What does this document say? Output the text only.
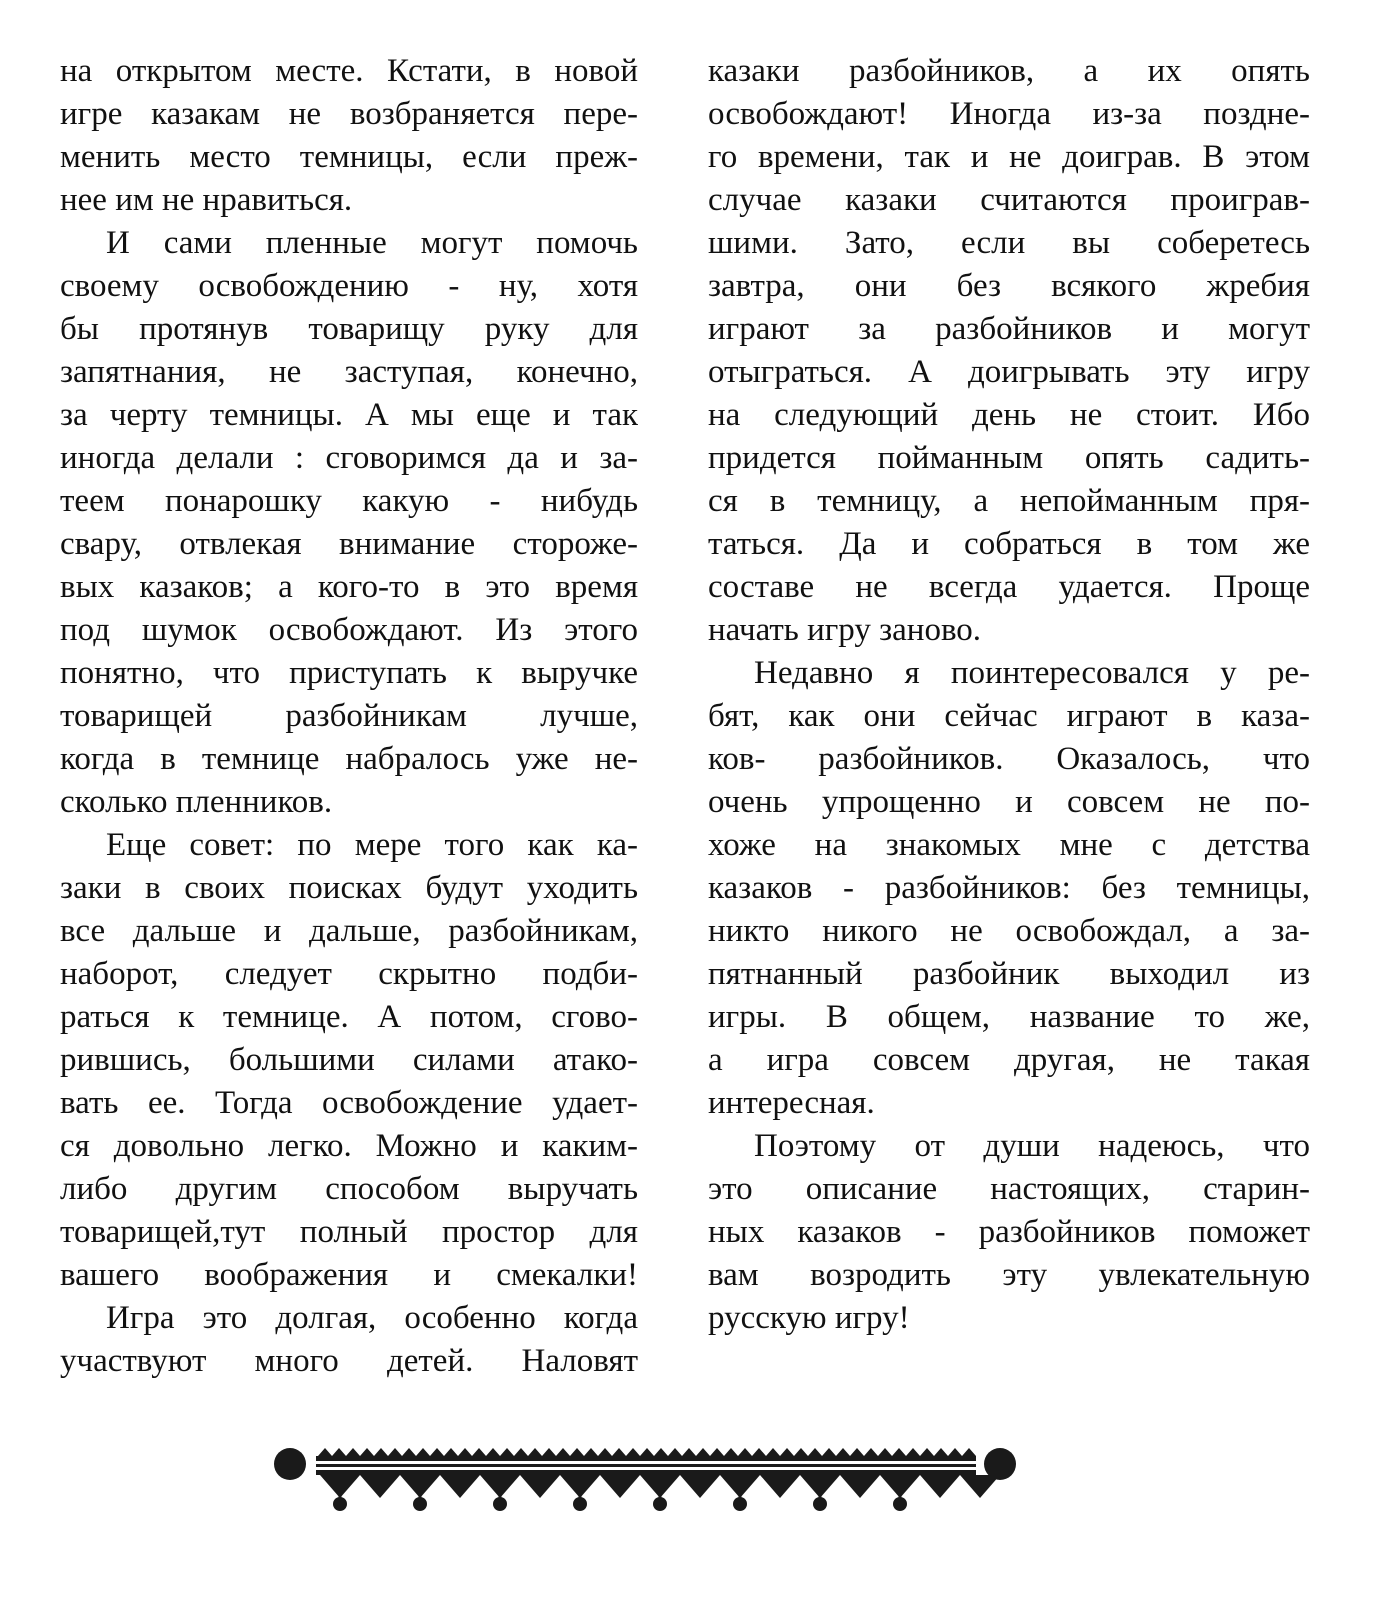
на открытом месте. Кстати, в новой
игре казакам не возбраняется пере-
менить место темницы, если преж-
нее им не нравиться.
И сами пленные могут помочь
своему освобождению - ну, хотя
бы протянув товарищу руку для
запятнания, не заступая, конечно,
за черту темницы. А мы еще и так
иногда делали : сговоримся да и за-
теем понарошку какую - нибудь
свару, отвлекая внимание стороже-
вых казаков; а кого-то в это время
под шумок освобождают. Из этого
понятно, что приступать к выручке
товарищей разбойникам лучше,
когда в темнице набралось уже не-
сколько пленников.
Еще совет: по мере того как ка-
заки в своих поисках будут уходить
все дальше и дальше, разбойникам,
наборот, следует скрытно подби-
раться к темнице. А потом, сгово-
рившись, большими силами атако-
вать ее. Тогда освобождение удает-
ся довольно легко. Можно и каким-
либо другим способом выручать
товарищей,тут полный простор для
вашего воображения и смекалки!
Игра это долгая, особенно когда
участвуют много детей. Наловят
казаки разбойников, а их опять
освобождают! Иногда из-за поздне-
го времени, так и не доиграв. В этом
случае казаки считаются проиграв-
шими. Зато, если вы соберетесь
завтра, они без всякого жребия
играют за разбойников и могут
отыграться. А доигрывать эту игру
на следующий день не стоит. Ибо
придется пойманным опять садить-
ся в темницу, а непойманным пря-
таться. Да и собраться в том же
составе не всегда удается. Проще
начать игру заново.
Недавно я поинтересовался у ре-
бят, как они сейчас играют в каза-
ков- разбойников. Оказалось, что
очень упрощенно и совсем не по-
хоже на знакомых мне с детства
казаков - разбойников: без темницы,
никто никого не освобождал, а за-
пятнанный разбойник выходил из
игры. В общем, название то же,
а игра совсем другая, не такая
интересная.
Поэтому от души надеюсь, что
это описание настоящих, старин-
ных казаков - разбойников поможет
вам возродить эту увлекательную
русскую игру!
